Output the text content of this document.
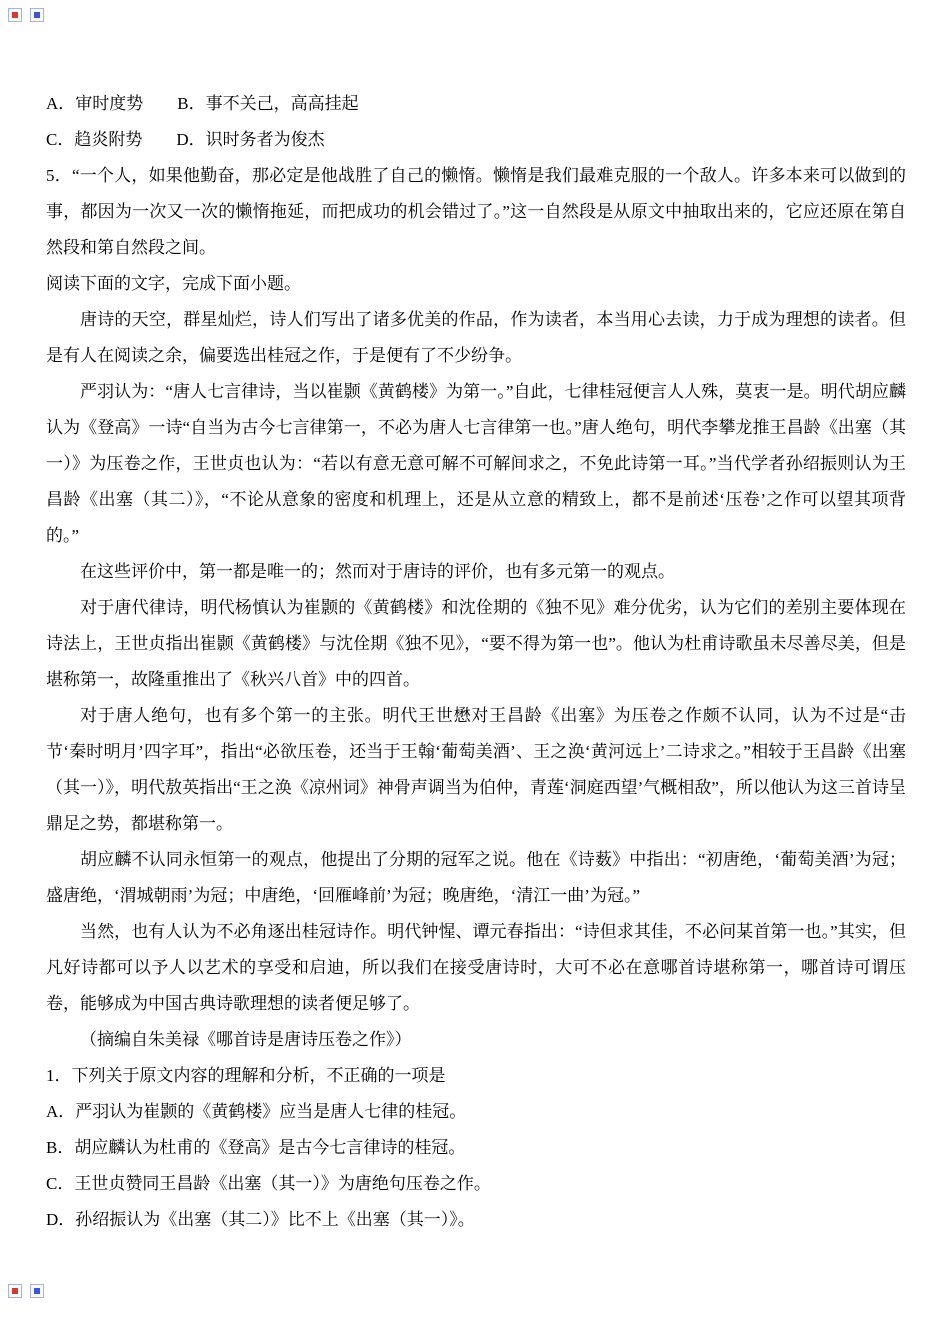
A．审时度势　　B．事不关己，高高挂起

C．趋炎附势　　D．识时务者为俊杰

5．“一个人，如果他勤奋，那必定是他战胜了自己的懒惰。懒惰是我们最难克服的一个敌人。许多本来可以做到的事，都因为一次又一次的懒惰拖延，而把成功的机会错过了。”这一自然段是从原文中抽取出来的，它应还原在第自然段和第自然段之间。

阅读下面的文字，完成下面小题。

唐诗的天空，群星灿烂，诗人们写出了诸多优美的作品，作为读者，本当用心去读，力于成为理想的读者。但是有人在阅读之余，偏要选出桂冠之作，于是便有了不少纷争。

严羽认为：“唐人七言律诗，当以崔颢《黄鹤楼》为第一。”自此，七律桂冠便言人人殊，莫衷一是。明代胡应麟认为《登高》一诗“自当为古今七言律第一，不必为唐人七言律第一也。”唐人绝句，明代李攀龙推王昌龄《出塞（其一）》为压卷之作，王世贞也认为：“若以有意无意可解不可解间求之，不免此诗第一耳。”当代学者孙绍振则认为王昌龄《出塞（其二）》，“不论从意象的密度和机理上，还是从立意的精致上，都不是前述‘压卷’之作可以望其项背的。”

在这些评价中，第一都是唯一的；然而对于唐诗的评价，也有多元第一的观点。

对于唐代律诗，明代杨慎认为崔颢的《黄鹤楼》和沈佺期的《独不见》难分优劣，认为它们的差别主要体现在诗法上，王世贞指出崔颢《黄鹤楼》与沈佺期《独不见》，“要不得为第一也”。他认为杜甫诗歌虽未尽善尽美，但是堪称第一，故隆重推出了《秋兴八首》中的四首。

对于唐人绝句，也有多个第一的主张。明代王世懋对王昌龄《出塞》为压卷之作颇不认同，认为不过是“击节‘秦时明月’四字耳”，指出“必欲压卷，还当于王翰‘葡萄美酒’、王之涣‘黄河远上’二诗求之。”相较于王昌龄《出塞（其一）》，明代敖英指出“王之涣《凉州词》神骨声调当为伯仲，青莲‘洞庭西望’气概相敌”，所以他认为这三首诗呈鼎足之势，都堪称第一。

胡应麟不认同永恒第一的观点，他提出了分期的冠军之说。他在《诗薮》中指出：“初唐绝，‘葡萄美酒’为冠；盛唐绝，‘渭城朝雨’为冠；中唐绝，‘回雁峰前’为冠；晚唐绝，‘清江一曲’为冠。”

当然，也有人认为不必角逐出桂冠诗作。明代钟惺、谭元春指出：“诗但求其佳，不必问某首第一也。”其实，但凡好诗都可以予人以艺术的享受和启迪，所以我们在接受唐诗时，大可不必在意哪首诗堪称第一，哪首诗可谓压卷，能够成为中国古典诗歌理想的读者便足够了。

（摘编自朱美禄《哪首诗是唐诗压卷之作》）

1．下列关于原文内容的理解和分析，不正确的一项是

A．严羽认为崔颢的《黄鹤楼》应当是唐人七律的桂冠。

B．胡应麟认为杜甫的《登高》是古今七言律诗的桂冠。

C．王世贞赞同王昌龄《出塞（其一）》为唐绝句压卷之作。

D．孙绍振认为《出塞（其二）》比不上《出塞（其一）》。
